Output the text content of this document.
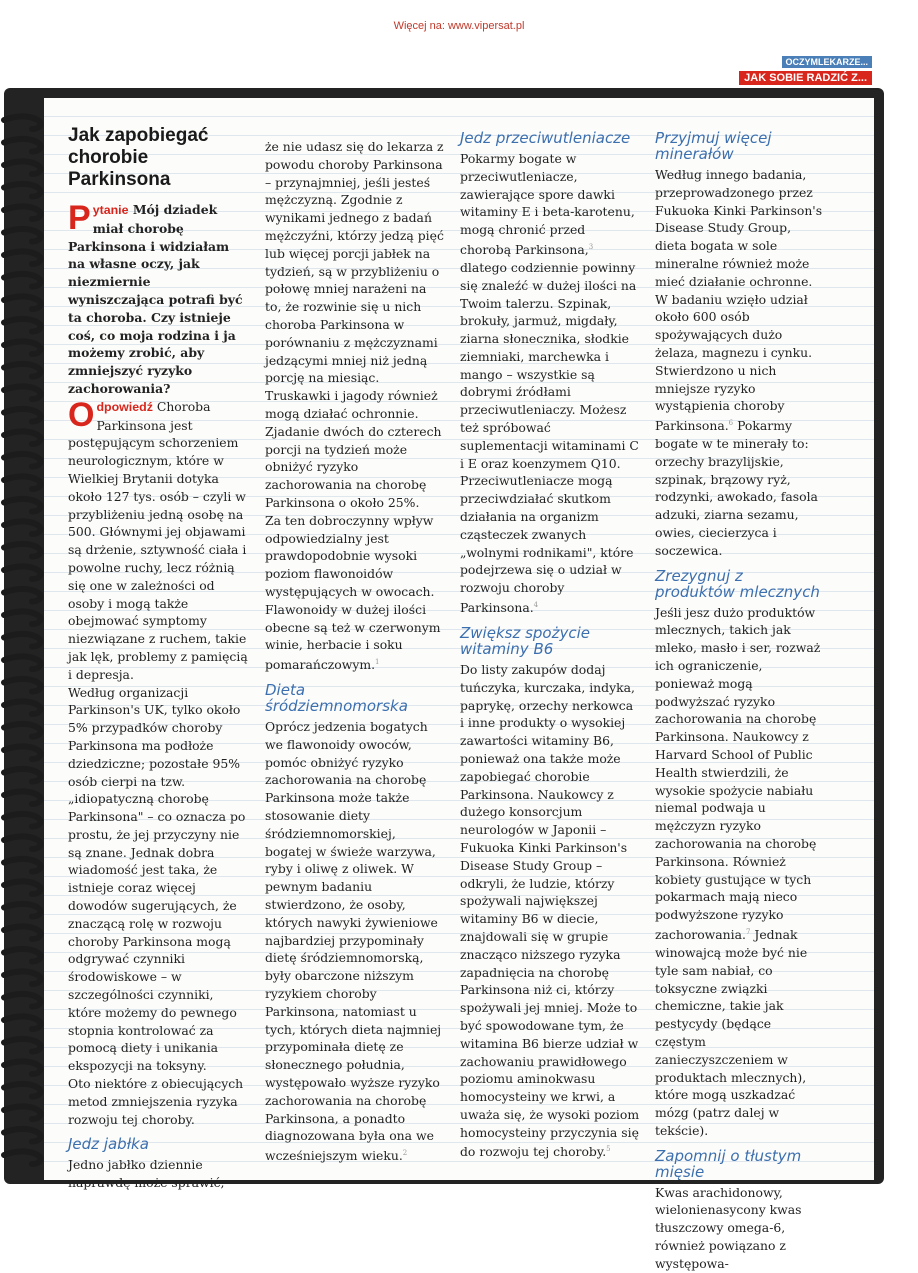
Więcej na: www.vipersat.pl
OCZYMLEKARZE...
JAK SOBIE RADZIĆ Z...
Jak zapobiegać chorobie Parkinsona

Pytanie Mój dziadek miał chorobę Parkinsona i widziałam na własne oczy, jak niezmiernie wyniszczająca potrafi być ta choroba. Czy istnieje coś, co moja rodzina i ja możemy zrobić, aby zmniejszyć ryzyko zachorowania?

Odpowiedź Choroba Parkinsona jest postępującym schorzeniem neurologicznym, które w Wielkiej Brytanii dotyka około 127 tys. osób – czyli w przybliżeniu jedną osobę na 500. Głównymi jej objawami są drżenie, sztywność ciała i powolne ruchy, lecz różnią się one w zależności od osoby i mogą także obejmować symptomy niezwiązane z ruchem, takie jak lęk, problemy z pamięcią i depresja.

Według organizacji Parkinson's UK, tylko około 5% przypadków choroby Parkinsona ma podłoże dziedziczne; pozostałe 95% osób cierpi na tzw. „idiopatyczną chorobę Parkinsona" – co oznacza po prostu, że jej przyczyny nie są znane. Jednak dobra wiadomość jest taka, że istnieje coraz więcej dowodów sugerujących, że znaczącą rolę w rozwoju choroby Parkinsona mogą odgrywać czynniki środowiskowe – w szczególności czynniki, które możemy do pewnego stopnia kontrolować za pomocą diety i unikania ekspozycji na toksyny.

Oto niektóre z obiecujących metod zmniejszenia ryzyka rozwoju tej choroby.

Jedz jabłka

Jedno jabłko dziennie naprawdę może sprawić,

że nie udasz się do lekarza z powodu choroby Parkinsona – przynajmniej, jeśli jesteś mężczyzną. Zgodnie z wynikami jednego z badań mężczyźni, którzy jedzą pięć lub więcej porcji jabłek na tydzień, są w przybliżeniu o połowę mniej narażeni na to, że rozwinie się u nich choroba Parkinsona w porównaniu z mężczyznami jedzącymi mniej niż jedną porcję na miesiąc. Truskawki i jagody również mogą działać ochronnie. Zjadanie dwóch do czterech porcji na tydzień może obniżyć ryzyko zachorowania na chorobę Parkinsona o około 25%.

Za ten dobroczynny wpływ odpowiedzialny jest prawdopodobnie wysoki poziom flawonoidów występujących w owocach. Flawonoidy w dużej ilości obecne są też w czerwonym winie, herbacie i soku pomarańczowym.$^1$

Dieta śródziemnomorska

Oprócz jedzenia bogatych we flawonoidy owoców, pomóc obniżyć ryzyko zachorowania na chorobę Parkinsona może także stosowanie diety śródziemnomorskiej, bogatej w świeże warzywa, ryby i oliwę z oliwek. W pewnym badaniu stwierdzono, że osoby, których nawyki żywieniowe najbardziej przypominały dietę śródziemnomorską, były obarczone niższym ryzykiem choroby Parkinsona, natomiast u tych, których dieta najmniej przypominała dietę ze słonecznego południa, występowało wyższe ryzyko zachorowania na chorobę Parkinsona, a ponadto diagnozowana była ona we wcześniejszym wieku.$^2$

Jedz przeciwutleniacze

Pokarmy bogate w przeciwutleniacze, zawierające spore dawki witaminy E i beta-karotenu, mogą chronić przed chorobą Parkinsona,$^3$ dlatego codziennie powinny się znaleźć w dużej ilości na Twoim talerzu. Szpinak, brokuły, jarmuż, migdały, ziarna słonecznika, słodkie ziemniaki, marchewka i mango – wszystkie są dobrymi źródłami przeciwutleniaczy. Możesz też spróbować suplementacji witaminami C i E oraz koenzymem Q10. Przeciwutleniacze mogą przeciwdziałać skutkom działania na organizm cząsteczek zwanych „wolnymi rodnikami", które podejrzewa się o udział w rozwoju choroby Parkinsona.$^4$

Zwiększ spożycie witaminy B6

Do listy zakupów dodaj tuńczyka, kurczaka, indyka, paprykę, orzechy nerkowca i inne produkty o wysokiej zawartości witaminy B6, ponieważ ona także może zapobiegać chorobie Parkinsona. Naukowcy z dużego konsorcjum neurologów w Japonii – Fukuoka Kinki Parkinson's Disease Study Group – odkryli, że ludzie, którzy spożywali największej witaminy B6 w diecie, znajdowali się w grupie znacząco niższego ryzyka zapadnięcia na chorobę Parkinsona niż ci, którzy spożywali jej mniej. Może to być spowodowane tym, że witamina B6 bierze udział w zachowaniu prawidłowego poziomu aminokwasu homocysteiny we krwi, a uważa się, że wysoki poziom homocysteiny przyczynia się do rozwoju tej choroby.$^5$

Przyjmuj więcej minerałów

Według innego badania, przeprowadzonego przez Fukuoka Kinki Parkinson's Disease Study Group, dieta bogata w sole mineralne również może mieć działanie ochronne. W badaniu wzięło udział około 600 osób spożywających dużo żelaza, magnezu i cynku. Stwierdzono u nich mniejsze ryzyko wystąpienia choroby Parkinsona.$^6$ Pokarmy bogate w te minerały to: orzechy brazylijskie, szpinak, brązowy ryż, rodzynki, awokado, fasola adzuki, ziarna sezamu, owies, ciecierzyca i soczewica.

Zrezygnuj z produktów mlecznych

Jeśli jesz dużo produktów mlecznych, takich jak mleko, masło i ser, rozważ ich ograniczenie, ponieważ mogą podwyższać ryzyko zachorowania na chorobę Parkinsona. Naukowcy z Harvard School of Public Health stwierdzili, że wysokie spożycie nabiału niemal podwaja u mężczyzn ryzyko zachorowania na chorobę Parkinsona. Również kobiety gustujące w tych pokarmach mają nieco podwyższone ryzyko zachorowania.$^7$ Jednak winowajcą może być nie tyle sam nabiał, co toksyczne związki chemiczne, takie jak pestycydy (będące częstym zanieczyszczeniem w produktach mlecznych), które mogą uszkadzać mózg (patrz dalej w tekście).

Zapomnij o tłustym mięsie

Kwas arachidonowy, wielonienasycony kwas tłuszczowy omega-6, również powiązano z występowa-
